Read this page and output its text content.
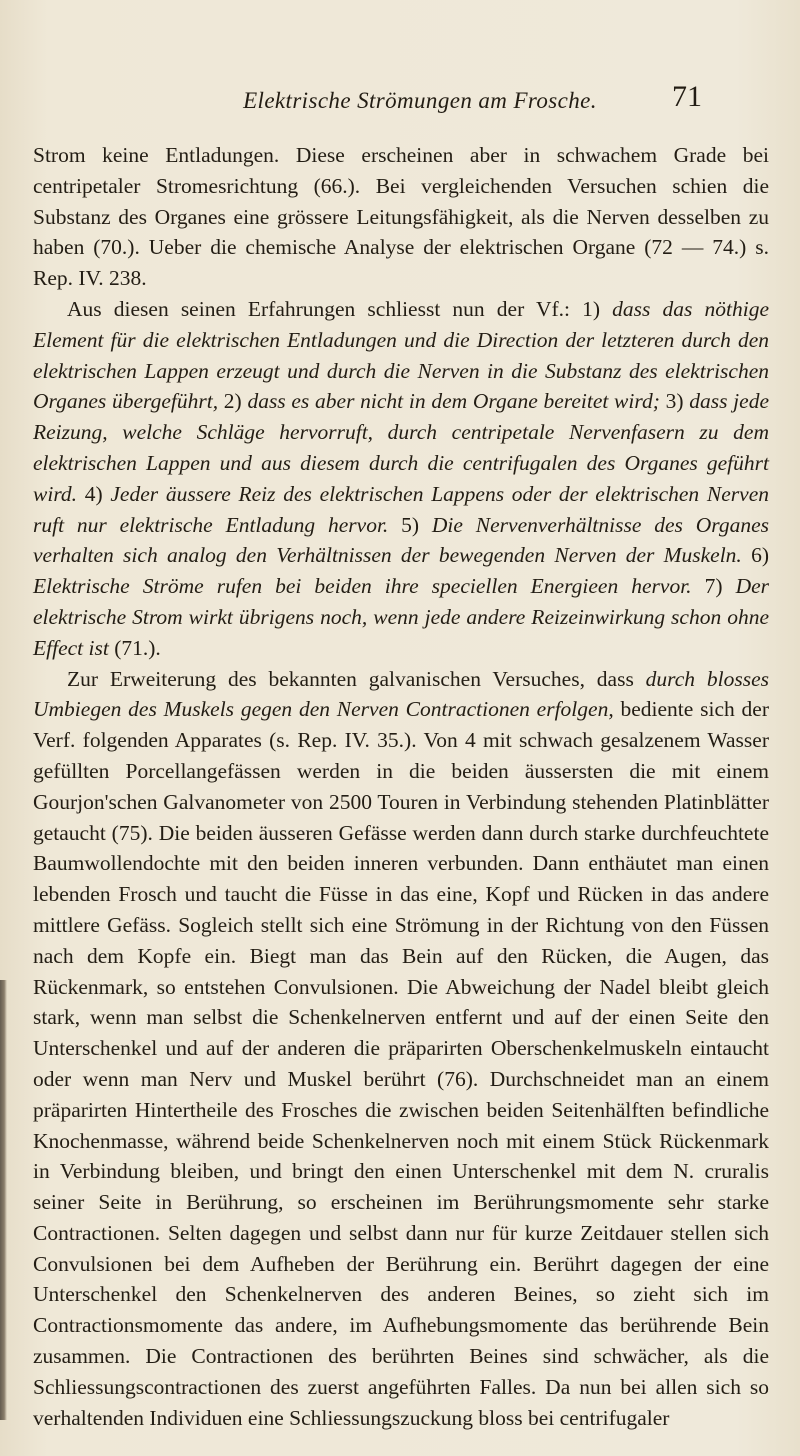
Elektrische Strömungen am Frosche.	71

Strom keine Entladungen. Diese erscheinen aber in schwachem Grade bei centripetaler Stromesrichtung (66.). Bei vergleichenden Versuchen schien die Substanz des Organes eine grössere Leitungsfähigkeit, als die Nerven desselben zu haben (70.). Ueber die chemische Analyse der elektrischen Organe (72 — 74.) s. Rep. IV. 238.

Aus diesen seinen Erfahrungen schliesst nun der Vf.: 1) dass das nöthige Element für die elektrischen Entladungen und die Direction der letzteren durch den elektrischen Lappen erzeugt und durch die Nerven in die Substanz des elektrischen Organes übergeführt, 2) dass es aber nicht in dem Organe bereitet wird; 3) dass jede Reizung, welche Schläge hervorruft, durch centripetale Nervenfasern zu dem elektrischen Lappen und aus diesem durch die centrifugalen des Organes geführt wird. 4) Jeder äussere Reiz des elektrischen Lappens oder der elektrischen Nerven ruft nur elektrische Entladung hervor. 5) Die Nervenverhältnisse des Organes verhalten sich analog den Verhältnissen der bewegenden Nerven der Muskeln. 6) Elektrische Ströme rufen bei beiden ihre speciellen Energieen hervor. 7) Der elektrische Strom wirkt übrigens noch, wenn jede andere Reizeinwirkung schon ohne Effect ist (71.).

Zur Erweiterung des bekannten galvanischen Versuches, dass durch blosses Umbiegen des Muskels gegen den Nerven Contractionen erfolgen, bediente sich der Verf. folgenden Apparates (s. Rep. IV. 35.). Von 4 mit schwach gesalzenem Wasser gefüllten Porcellangefässen werden in die beiden äussersten die mit einem Gourjon'schen Galvanometer von 2500 Touren in Verbindung stehenden Platinblätter getaucht (75). Die beiden äusseren Gefässe werden dann durch starke durchfeuchtete Baumwollendochte mit den beiden inneren verbunden. Dann enthäutet man einen lebenden Frosch und taucht die Füsse in das eine, Kopf und Rücken in das andere mittlere Gefäss. Sogleich stellt sich eine Strömung in der Richtung von den Füssen nach dem Kopfe ein. Biegt man das Bein auf den Rücken, die Augen, das Rückenmark, so entstehen Convulsionen. Die Abweichung der Nadel bleibt gleich stark, wenn man selbst die Schenkelnerven entfernt und auf der einen Seite den Unterschenkel und auf der anderen die präparirten Oberschenkelmuskeln eintaucht oder wenn man Nerv und Muskel berührt (76). Durchschneidet man an einem präparirten Hintertheile des Frosches die zwischen beiden Seitenhälften befindliche Knochenmasse, während beide Schenkelnerven noch mit einem Stück Rückenmark in Verbindung bleiben, und bringt den einen Unterschenkel mit dem N. cruralis seiner Seite in Berührung, so erscheinen im Berührungsmomente sehr starke Contractionen. Selten dagegen und selbst dann nur für kurze Zeitdauer stellen sich Convulsionen bei dem Aufheben der Berührung ein. Berührt dagegen der eine Unterschenkel den Schenkelnerven des anderen Beines, so zieht sich im Contractionsmomente das andere, im Aufhebungsmomente das berührende Bein zusammen. Die Contractionen des berührten Beines sind schwächer, als die Schliessungscontractionen des zuerst angeführten Falles. Da nun bei allen sich so verhaltenden Individuen eine Schliessungszuckung bloss bei centrifugaler
